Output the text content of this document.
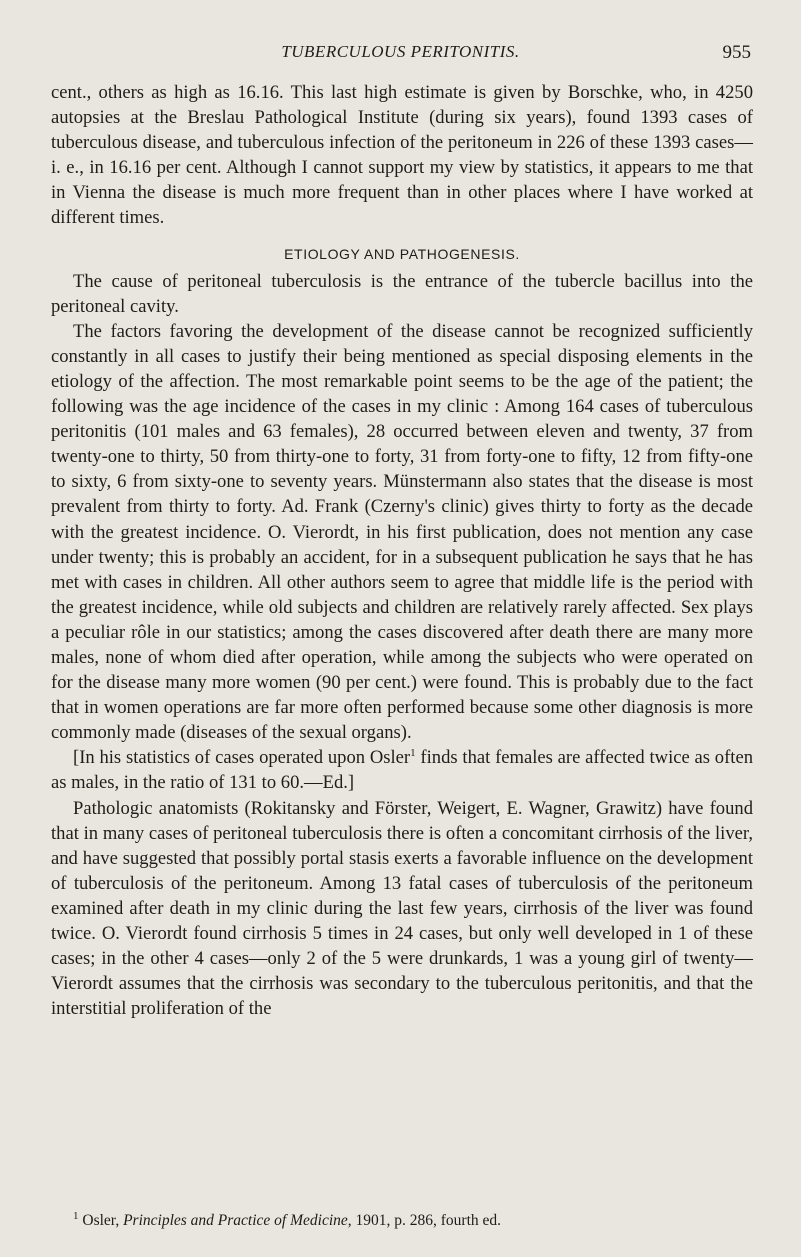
TUBERCULOUS PERITONITIS.	955

cent., others as high as 16.16. This last high estimate is given by Borschke, who, in 4250 autopsies at the Breslau Pathological Institute (during six years), found 1393 cases of tuberculous disease, and tuberculous infection of the peritoneum in 226 of these 1393 cases— i. e., in 16.16 per cent. Although I cannot support my view by statistics, it appears to me that in Vienna the disease is much more frequent than in other places where I have worked at different times.

ETIOLOGY AND PATHOGENESIS.

The cause of peritoneal tuberculosis is the entrance of the tubercle bacillus into the peritoneal cavity.

The factors favoring the development of the disease cannot be recognized sufficiently constantly in all cases to justify their being mentioned as special disposing elements in the etiology of the affection. The most remarkable point seems to be the age of the patient; the following was the age incidence of the cases in my clinic : Among 164 cases of tuberculous peritonitis (101 males and 63 females), 28 occurred between eleven and twenty, 37 from twenty-one to thirty, 50 from thirty-one to forty, 31 from forty-one to fifty, 12 from fifty-one to sixty, 6 from sixty-one to seventy years. Münstermann also states that the disease is most prevalent from thirty to forty. Ad. Frank (Czerny's clinic) gives thirty to forty as the decade with the greatest incidence. O. Vierordt, in his first publication, does not mention any case under twenty; this is probably an accident, for in a subsequent publication he says that he has met with cases in children. All other authors seem to agree that middle life is the period with the greatest incidence, while old subjects and children are relatively rarely affected. Sex plays a peculiar rôle in our statistics; among the cases discovered after death there are many more males, none of whom died after operation, while among the subjects who were operated on for the disease many more women (90 per cent.) were found. This is probably due to the fact that in women operations are far more often performed because some other diagnosis is more commonly made (diseases of the sexual organs).

[In his statistics of cases operated upon Osler$^1$ finds that females are affected twice as often as males, in the ratio of 131 to 60.—Ed.]

Pathologic anatomists (Rokitansky and Förster, Weigert, E. Wagner, Grawitz) have found that in many cases of peritoneal tuberculosis there is often a concomitant cirrhosis of the liver, and have suggested that possibly portal stasis exerts a favorable influence on the development of tuberculosis of the peritoneum. Among 13 fatal cases of tuberculosis of the peritoneum examined after death in my clinic during the last few years, cirrhosis of the liver was found twice. O. Vierordt found cirrhosis 5 times in 24 cases, but only well developed in 1 of these cases; in the other 4 cases—only 2 of the 5 were drunkards, 1 was a young girl of twenty—Vierordt assumes that the cirrhosis was secondary to the tuberculous peritonitis, and that the interstitial proliferation of the

$^1$ Osler, Principles and Practice of Medicine, 1901, p. 286, fourth ed.
